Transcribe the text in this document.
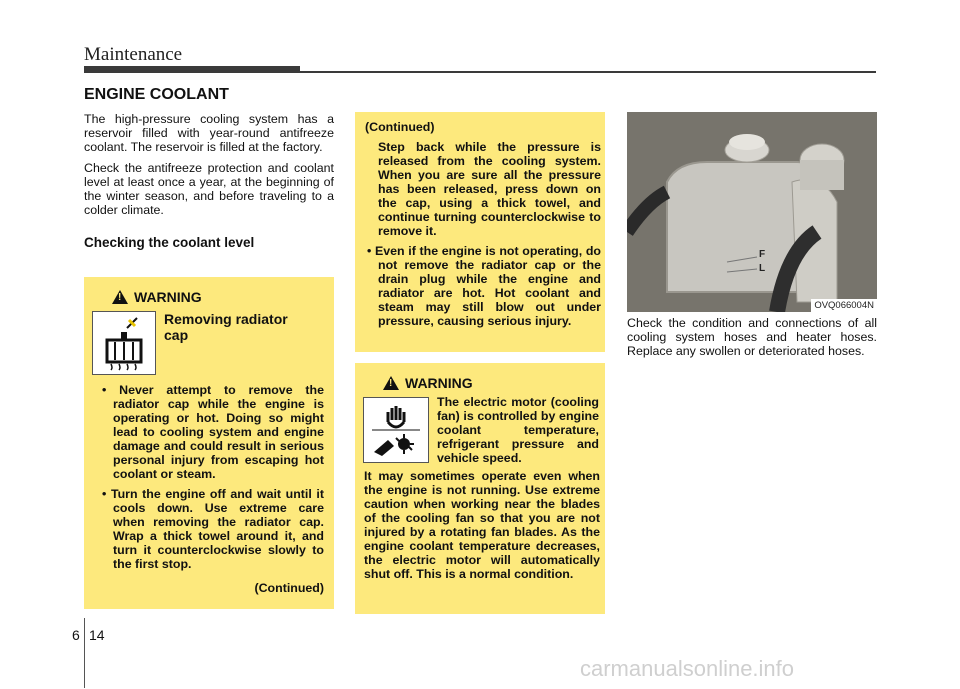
Maintenance
ENGINE COOLANT

The high-pressure cooling system has a reservoir filled with year-round antifreeze coolant. The reservoir is filled at the factory.

Check the antifreeze protection and coolant level at least once a year, at the beginning of the winter season, and before traveling to a colder climate.

Checking the coolant level
! WARNING
Removing radiator cap

• Never attempt to remove the radiator cap while the engine is operating or hot. Doing so might lead to cooling system and engine damage and could result in serious personal injury from escaping hot coolant or steam.

• Turn the engine off and wait until it cools down. Use extreme care when removing the radiator cap. Wrap a thick towel around it, and turn it counterclockwise slowly to the first stop.

(Continued)

(Continued)

Step back while the pressure is released from the cooling system. When you are sure all the pressure has been released, press down on the cap, using a thick towel, and continue turning counterclockwise to remove it.

• Even if the engine is not operating, do not remove the radiator cap or the drain plug while the engine and radiator are hot. Hot coolant and steam may still blow out under pressure, causing serious injury.

! WARNING
The electric motor (cooling fan) is controlled by engine coolant temperature, refrigerant pressure and vehicle speed.
It may sometimes operate even when the engine is not running. Use extreme caution when working near the blades of the cooling fan so that you are not injured by a rotating fan blades. As the engine coolant temperature decreases, the electric motor will automatically shut off. This is a normal condition.
F
L
OVQ066004N
Check the condition and connections of all cooling system hoses and heater hoses. Replace any swollen or deteriorated hoses.
6 14
carmanualsonline.info
